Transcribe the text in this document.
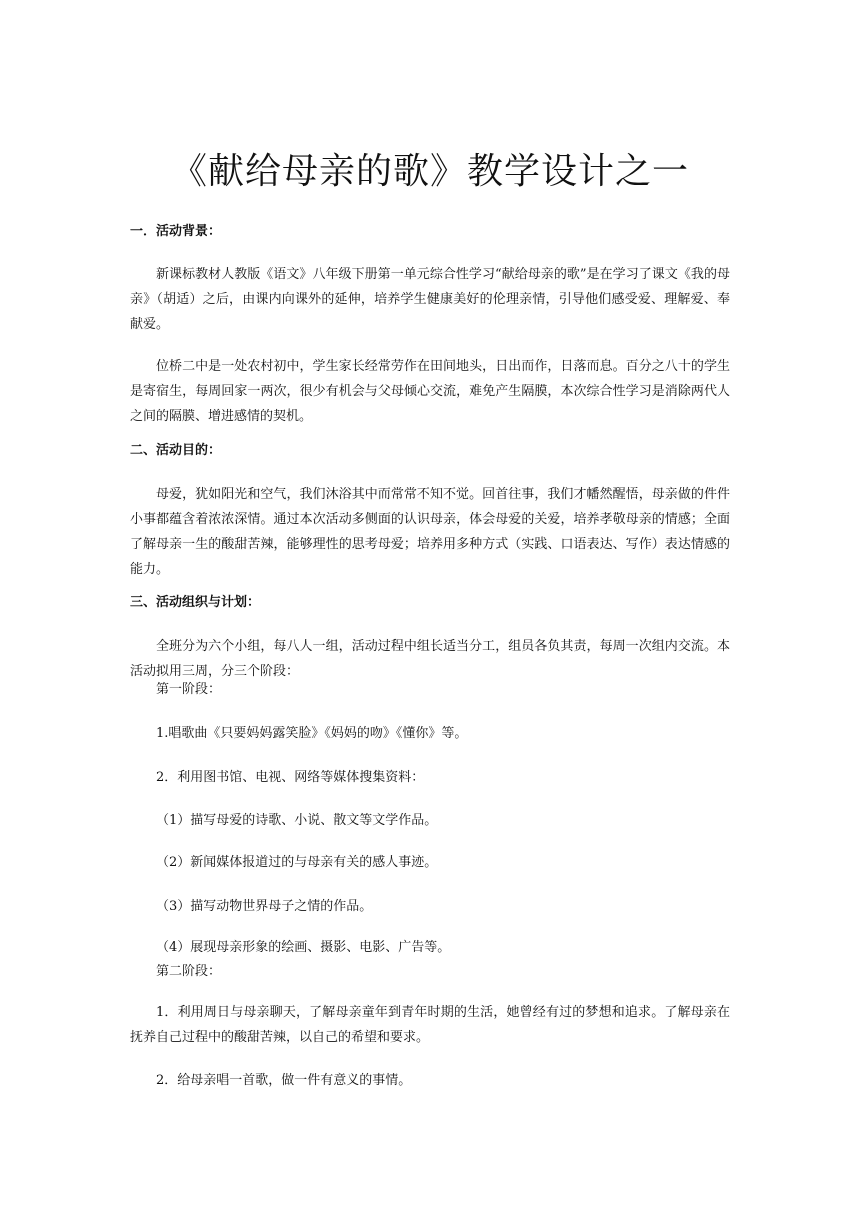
《献给母亲的歌》教学设计之一
一．活动背景：

新课标教材人教版《语文》八年级下册第一单元综合性学习“献给母亲的歌”是在学习了课文《我的母亲》（胡适）之后，由课内向课外的延伸，培养学生健康美好的伦理亲情，引导他们感受爱、理解爱、奉献爱。

位桥二中是一处农村初中，学生家长经常劳作在田间地头，日出而作，日落而息。百分之八十的学生是寄宿生，每周回家一两次，很少有机会与父母倾心交流，难免产生隔膜，本次综合性学习是消除两代人之间的隔膜、增进感情的契机。

二、活动目的：

母爱，犹如阳光和空气，我们沐浴其中而常常不知不觉。回首往事，我们才幡然醒悟，母亲做的件件小事都蕴含着浓浓深情。通过本次活动多侧面的认识母亲，体会母爱的关爱，培养孝敬母亲的情感；全面了解母亲一生的酸甜苦辣，能够理性的思考母爱；培养用多种方式（实践、口语表达、写作）表达情感的能力。

三、活动组织与计划：

全班分为六个小组，每八人一组，活动过程中组长适当分工，组员各负其责，每周一次组内交流。本活动拟用三周，分三个阶段：

第一阶段：
1.唱歌曲《只要妈妈露笑脸》《妈妈的吻》《懂你》等。
2．利用图书馆、电视、网络等媒体搜集资料：
（1）描写母爱的诗歌、小说、散文等文学作品。
（2）新闻媒体报道过的与母亲有关的感人事迹。
（3）描写动物世界母子之情的作品。
（4）展现母亲形象的绘画、摄影、电影、广告等。
第二阶段：

1．利用周日与母亲聊天，了解母亲童年到青年时期的生活，她曾经有过的梦想和追求。了解母亲在抚养自己过程中的酸甜苦辣，以自己的希望和要求。

2．给母亲唱一首歌，做一件有意义的事情。
